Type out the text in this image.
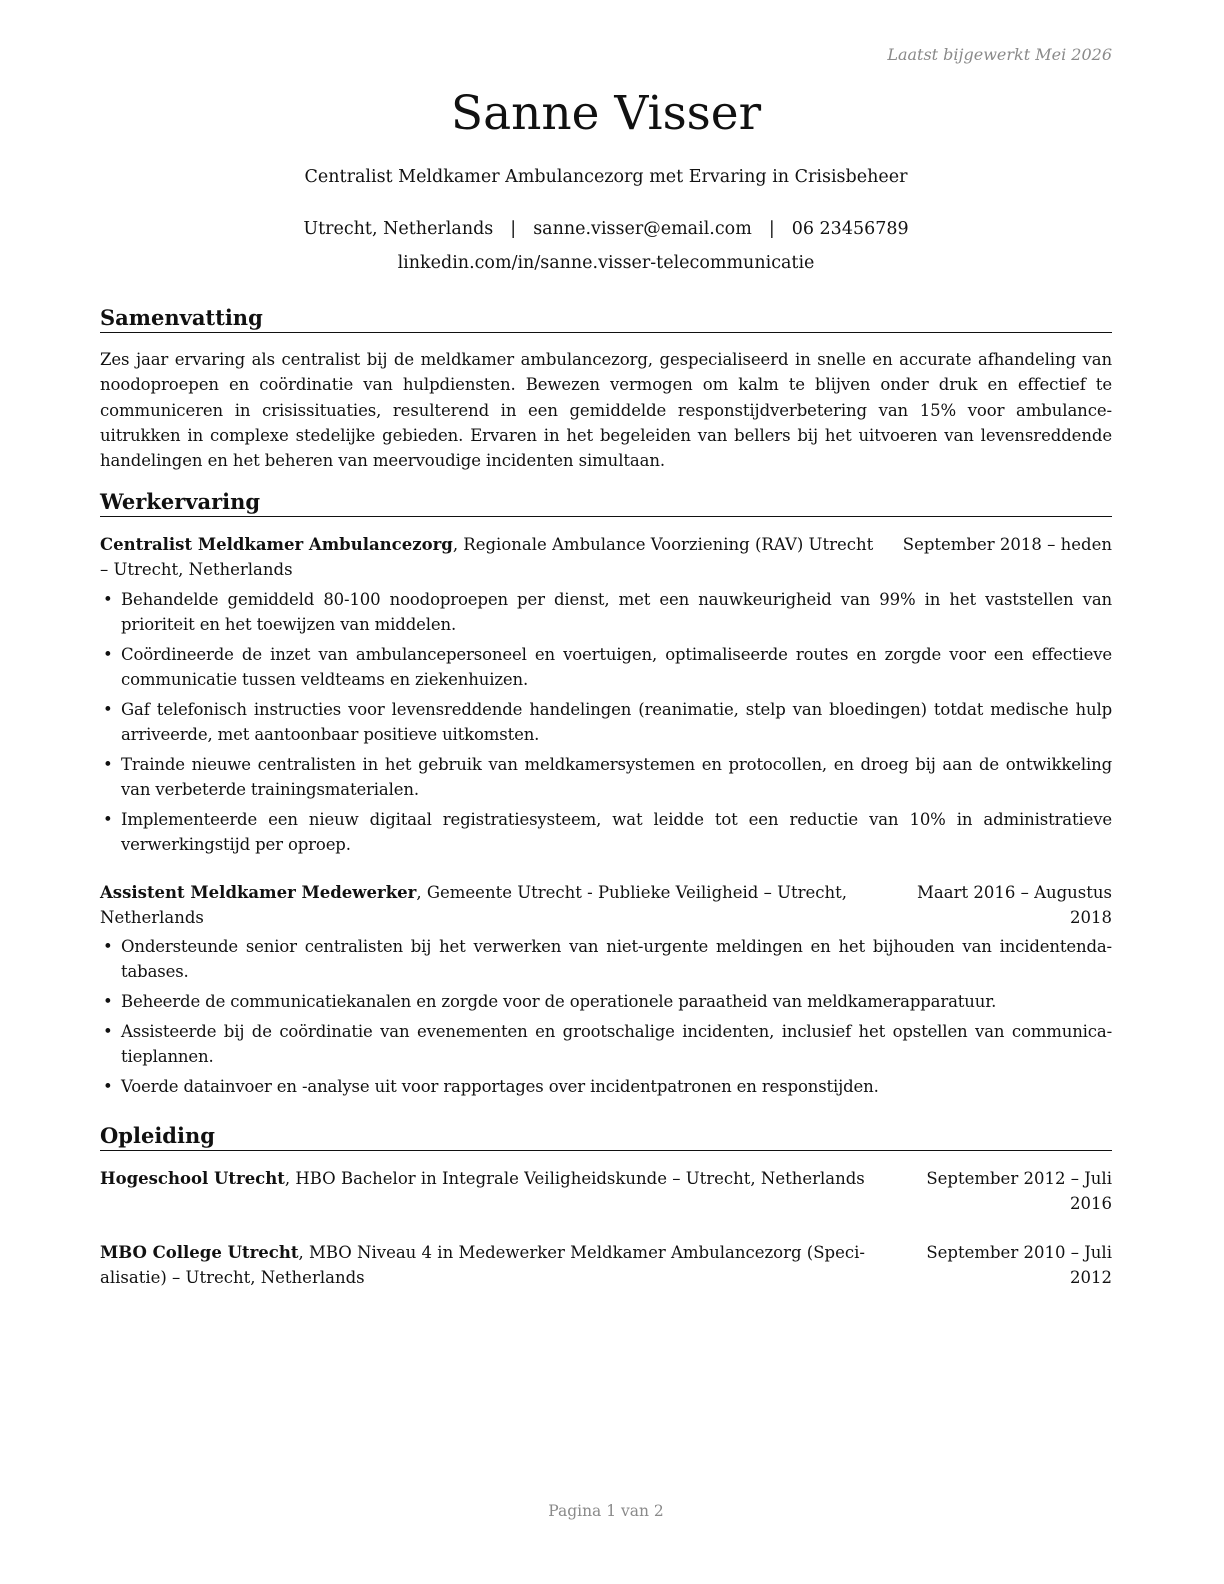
Laatst bijgewerkt Mei 2026
Sanne Visser
Centralist Meldkamer Ambulancezorg met Ervaring in Crisisbeheer
Utrecht, Netherlands | sanne.visser@email.com | 06 23456789
linkedin.com/in/sanne.visser-telecommunicatie
Samenvatting
Zes jaar ervaring als centralist bij de meldkamer ambulancezorg, gespecialiseerd in snelle en accurate afhandeling van noodoproepen en coördinatie van hulpdiensten. Bewezen vermogen om kalm te blijven onder druk en effectief te communiceren in crisissituaties, resulterend in een gemiddelde responstijdverbetering van 15% voor ambulance-uitrukken in complexe stedelijke gebieden. Ervaren in het begeleiden van bellers bij het uitvoeren van levensreddende handelingen en het beheren van meervoudige incidenten simultaan.
Werkervaring
Centralist Meldkamer Ambulancezorg, Regionale Ambulance Voorziening (RAV) Utrecht September 2018 – heden
– Utrecht, Netherlands
• Behandelde gemiddeld 80-100 noodoproepen per dienst, met een nauwkeurigheid van 99% in het vaststellen van prioriteit en het toewijzen van middelen.
• Coördineerde de inzet van ambulancepersoneel en voertuigen, optimaliseerde routes en zorgde voor een effectieve communicatie tussen veldteams en ziekenhuizen.
• Gaf telefonisch instructies voor levensreddende handelingen (reanimatie, stelp van bloedingen) totdat medische hulp arriveerde, met aantoonbaar positieve uitkomsten.
• Trainde nieuwe centralisten in het gebruik van meldkamersystemen en protocollen, en droeg bij aan de ontwikkeling van verbeterde trainingsmaterialen.
• Implementeerde een nieuw digitaal registratiesysteem, wat leidde tot een reductie van 10% in administratieve verwerkingstijd per oproep.
Assistent Meldkamer Medewerker, Gemeente Utrecht - Publieke Veiligheid – Utrecht,	Maart 2016 – Augustus
Netherlands	2018
• Ondersteunde senior centralisten bij het verwerken van niet-urgente meldingen en het bijhouden van incidentenda-tabases.
• Beheerde de communicatiekanalen en zorgde voor de operationele paraatheid van meldkamerapparatuur.
• Assisteerde bij de coördinatie van evenementen en grootschalige incidenten, inclusief het opstellen van communica-tieplannen.
• Voerde datainvoer en -analyse uit voor rapportages over incidentpatronen en responstijden.
Opleiding
Hogeschool Utrecht, HBO Bachelor in Integrale Veiligheidskunde – Utrecht, Netherlands	September 2012 – Juli
2016
MBO College Utrecht, MBO Niveau 4 in Medewerker Meldkamer Ambulancezorg (Speci-	September 2010 – Juli
alisatie) – Utrecht, Netherlands	2012
Pagina 1 van 2
